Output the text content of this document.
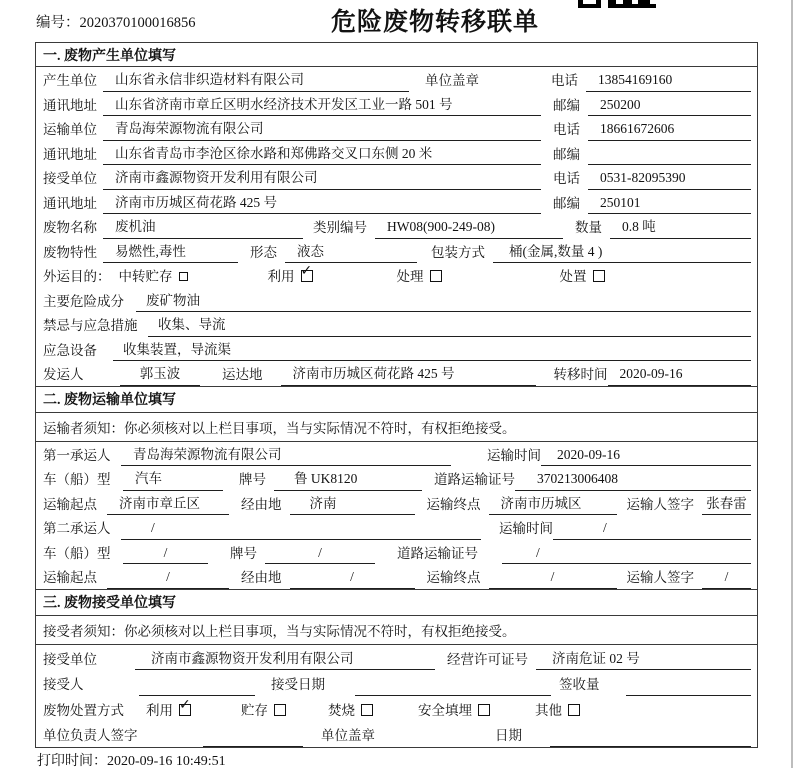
编号：2020370100016856	危险废物转移联单
一. 废物产生单位填写
产生单位	山东省永信非织造材料有限公司	单位盖章	电话	13854169160
通讯地址	山东省济南市章丘区明水经济技术开发区工业一路 501 号	邮编	250200
运输单位	青岛海荣源物流有限公司	电话	18661672606
通讯地址	山东省青岛市李沧区徐水路和郑佛路交叉口东侧 20 米	邮编
接受单位	济南市鑫源物资开发利用有限公司	电话	0531-82095390
通讯地址	济南市历城区荷花路 425 号	邮编	250101
废物名称	废机油	类别编号	HW08(900-249-08)	数量	0.8 吨
废物特性	易燃性,毒性	形态	液态	包装方式	桶(金属,数量 4 )
外运目的： 中转贮存	利用 ✓	处理	处置
主要危险成分	废矿物油
禁忌与应急措施	收集、导流
应急设备	收集装置，导流渠
发运人	郭玉波	运达地	济南市历城区荷花路 425 号	转移时间 2020-09-16
二. 废物运输单位填写
运输者须知：你必须核对以上栏目事项，当与实际情况不符时，有权拒绝接受。
第一承运人	青岛海荣源物流有限公司	运输时间	2020-09-16
车（船）型	汽车	牌号	鲁 UK8120	道路运输证号	370213006408
运输起点	济南市章丘区	经由地	济南	运输终点	济南市历城区	运输人签字 张春雷
第二承运人	/	运输时间	/
车（船）型	/	牌号	/	道路运输证号	/
运输起点	/	经由地	/	运输终点	/	运输人签字	/
三. 废物接受单位填写
接受者须知：你必须核对以上栏目事项，当与实际情况不符时，有权拒绝接受。
接受单位	济南市鑫源物资开发利用有限公司	经营许可证号	济南危证 02 号
接受人	接受日期	签收量
废物处置方式 利用 ✓	贮存	焚烧	安全填埋	其他
单位负责人签字	单位盖章	日期
打印时间：2020-09-16 10:49:51
